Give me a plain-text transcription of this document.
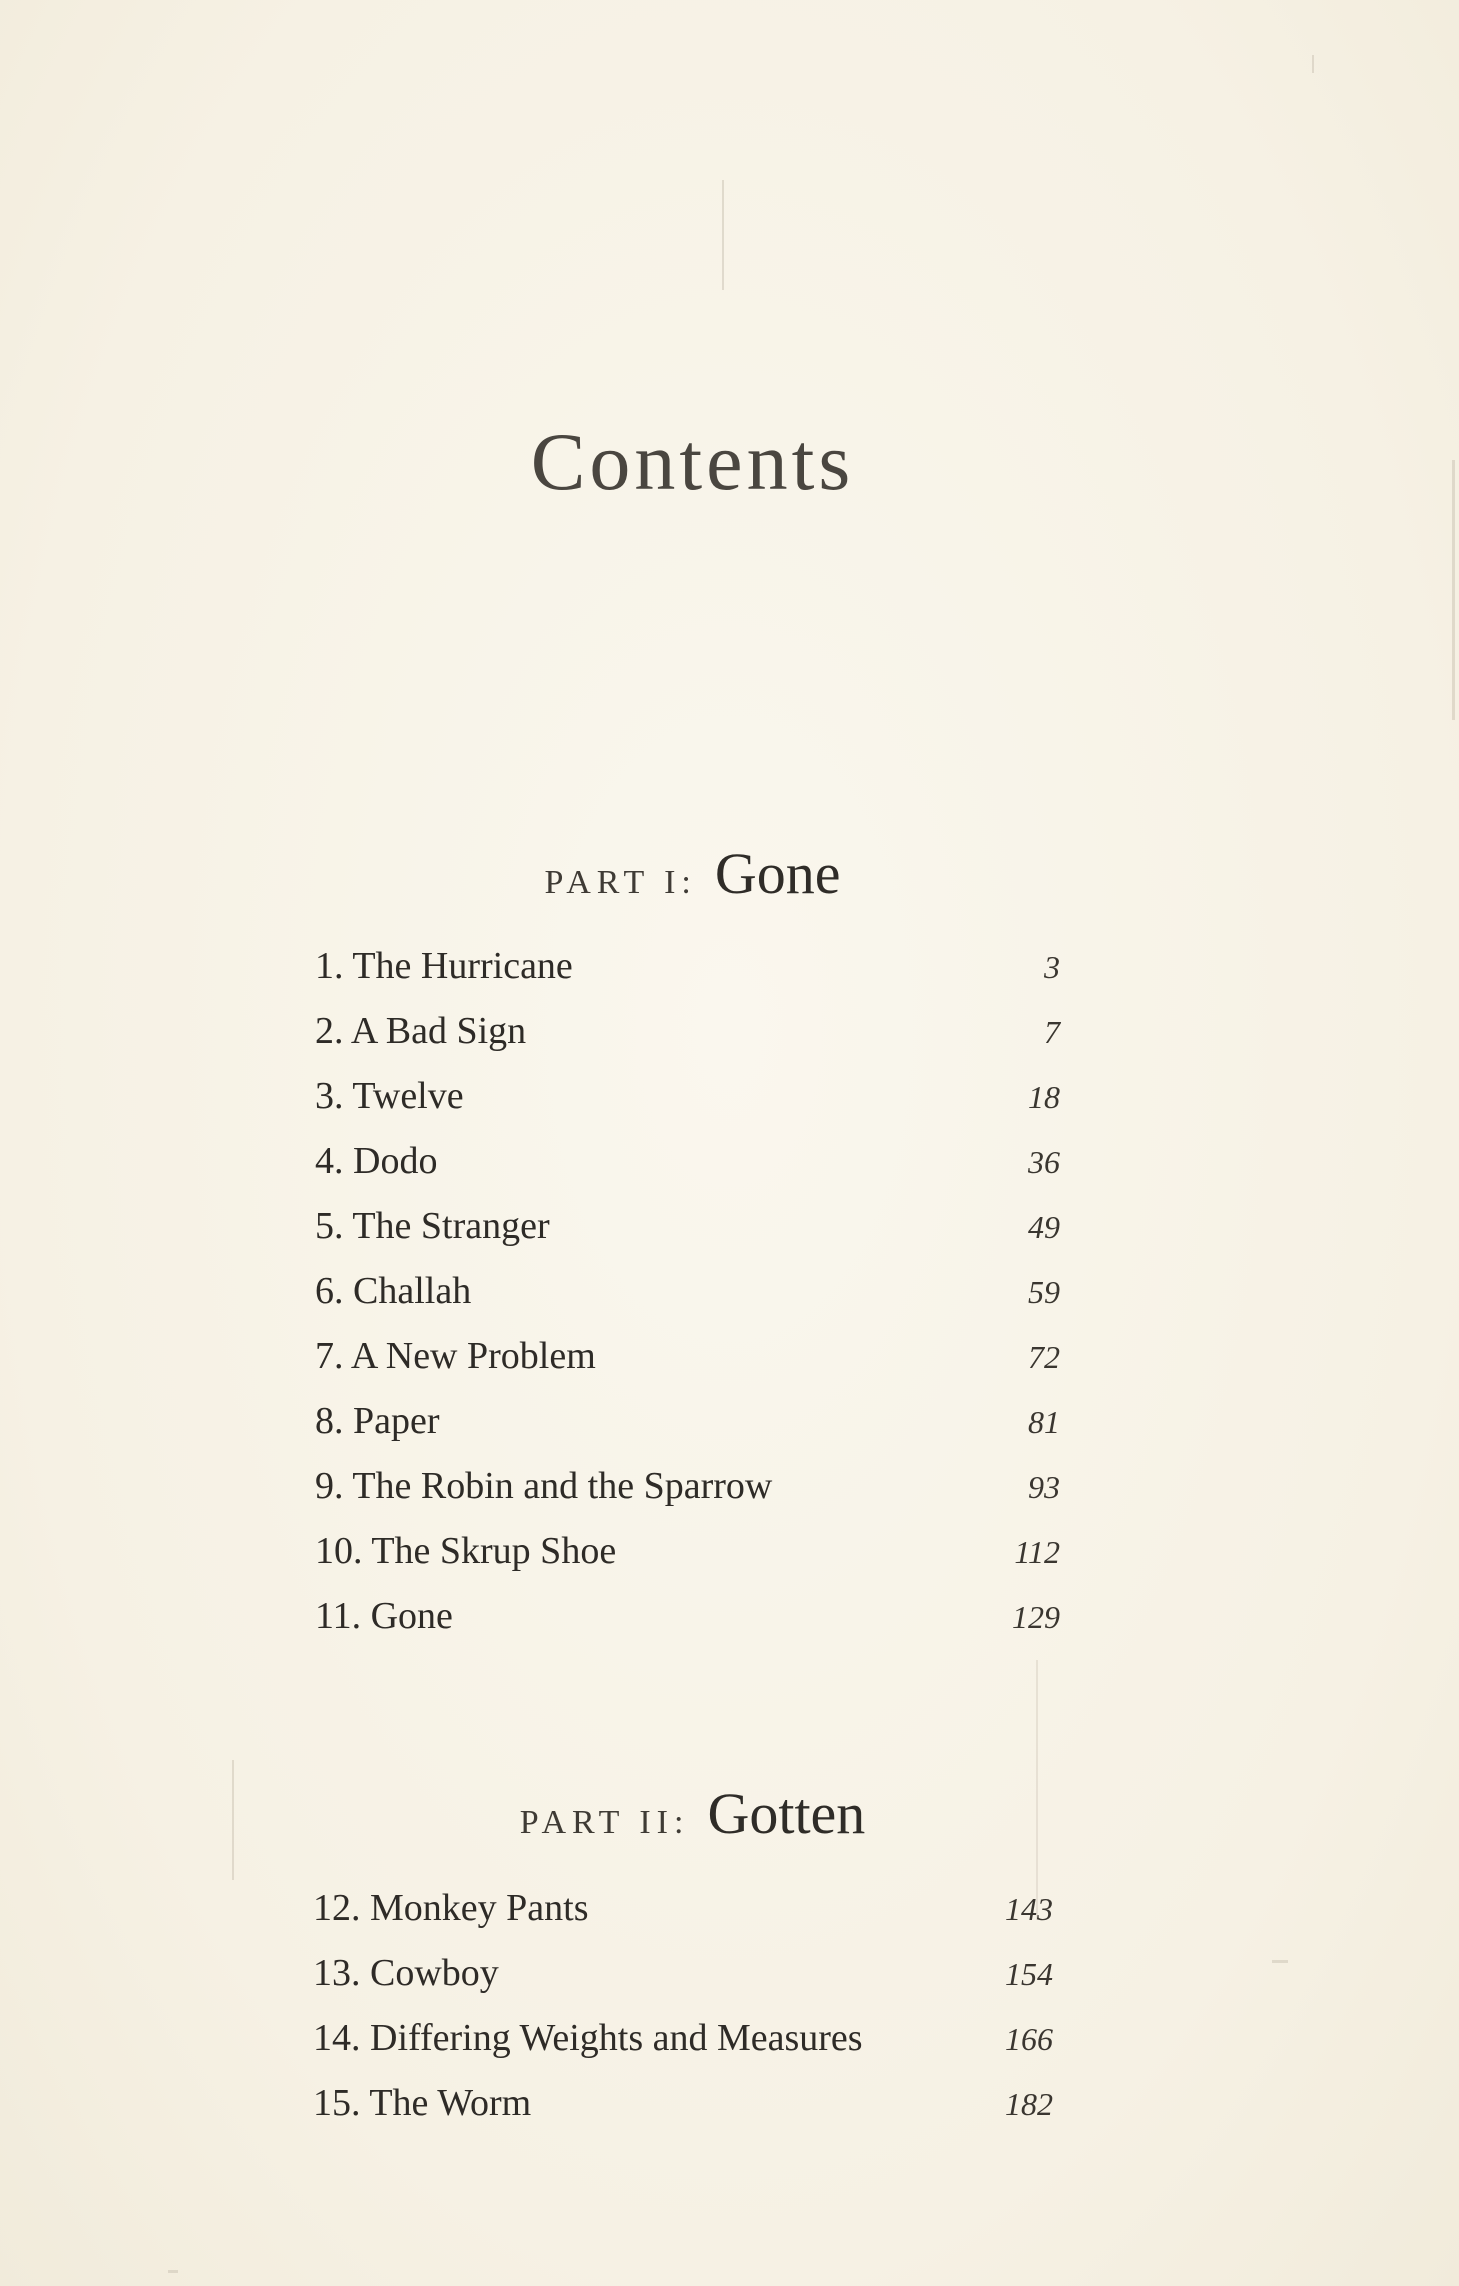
Contents
PART I: Gone
1. The Hurricane	3
2. A Bad Sign	7
3. Twelve	18
4. Dodo	36
5. The Stranger	49
6. Challah	59
7. A New Problem	72
8. Paper	81
9. The Robin and the Sparrow	93
10. The Skrup Shoe	112
11. Gone	129
PART II: Gotten
12. Monkey Pants	143
13. Cowboy	154
14. Differing Weights and Measures	166
15. The Worm	182
